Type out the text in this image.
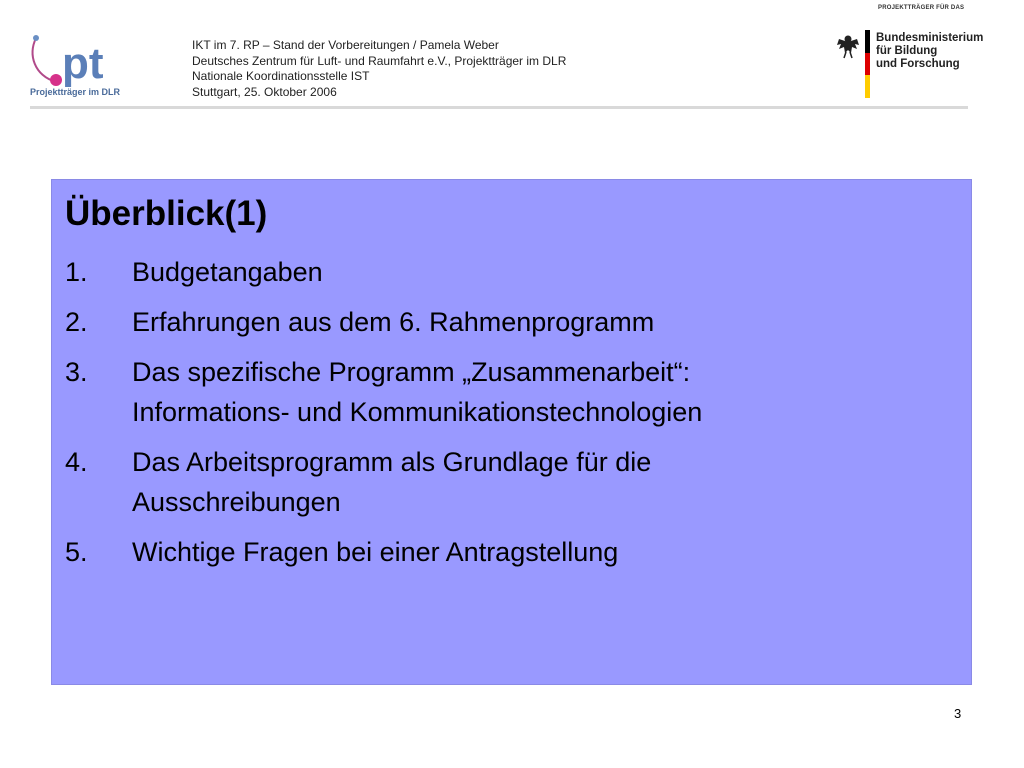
pt
Projektträger im DLR
IKT im 7. RP – Stand der Vorbereitungen / Pamela Weber
Deutsches Zentrum für Luft- und Raumfahrt e.V., Projektträger im DLR
Nationale Koordinationsstelle IST
Stuttgart, 25. Oktober 2006
PROJEKTTRÄGER FÜR DAS
Bundesministerium
für Bildung
und Forschung
Überblick(1)
1. Budgetangaben
2. Erfahrungen aus dem 6. Rahmenprogramm
3. Das spezifische Programm „Zusammenarbeit“:
Informations- und Kommunikationstechnologien
4. Das Arbeitsprogramm als Grundlage für die
Ausschreibungen
5. Wichtige Fragen bei einer Antragstellung
3
